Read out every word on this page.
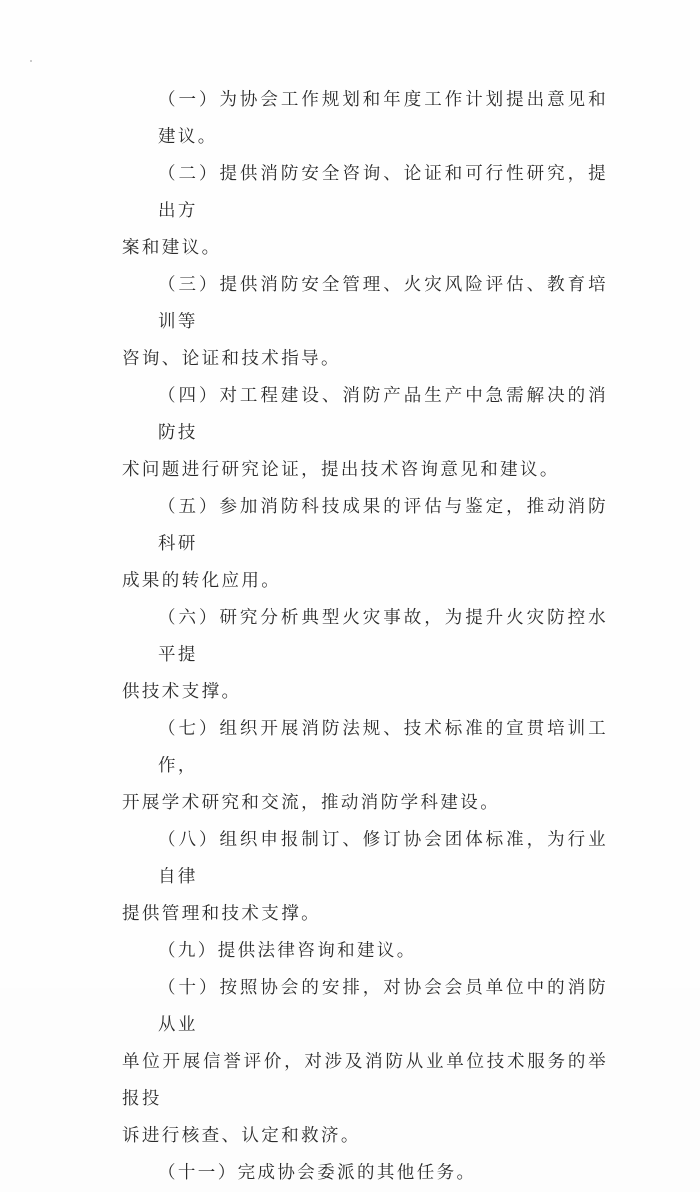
（一）为协会工作规划和年度工作计划提出意见和建议。

（二）提供消防安全咨询、论证和可行性研究，提出方
案和建议。

（三）提供消防安全管理、火灾风险评估、教育培训等
咨询、论证和技术指导。

（四）对工程建设、消防产品生产中急需解决的消防技
术问题进行研究论证，提出技术咨询意见和建议。

（五）参加消防科技成果的评估与鉴定，推动消防科研
成果的转化应用。

（六）研究分析典型火灾事故，为提升火灾防控水平提
供技术支撑。

（七）组织开展消防法规、技术标准的宣贯培训工作，
开展学术研究和交流，推动消防学科建设。

（八）组织申报制订、修订协会团体标准，为行业自律
提供管理和技术支撑。

（九）提供法律咨询和建议。

（十）按照协会的安排，对协会会员单位中的消防从业
单位开展信誉评价，对涉及消防从业单位技术服务的举报投
诉进行核查、认定和救济。

（十一）完成协会委派的其他任务。
